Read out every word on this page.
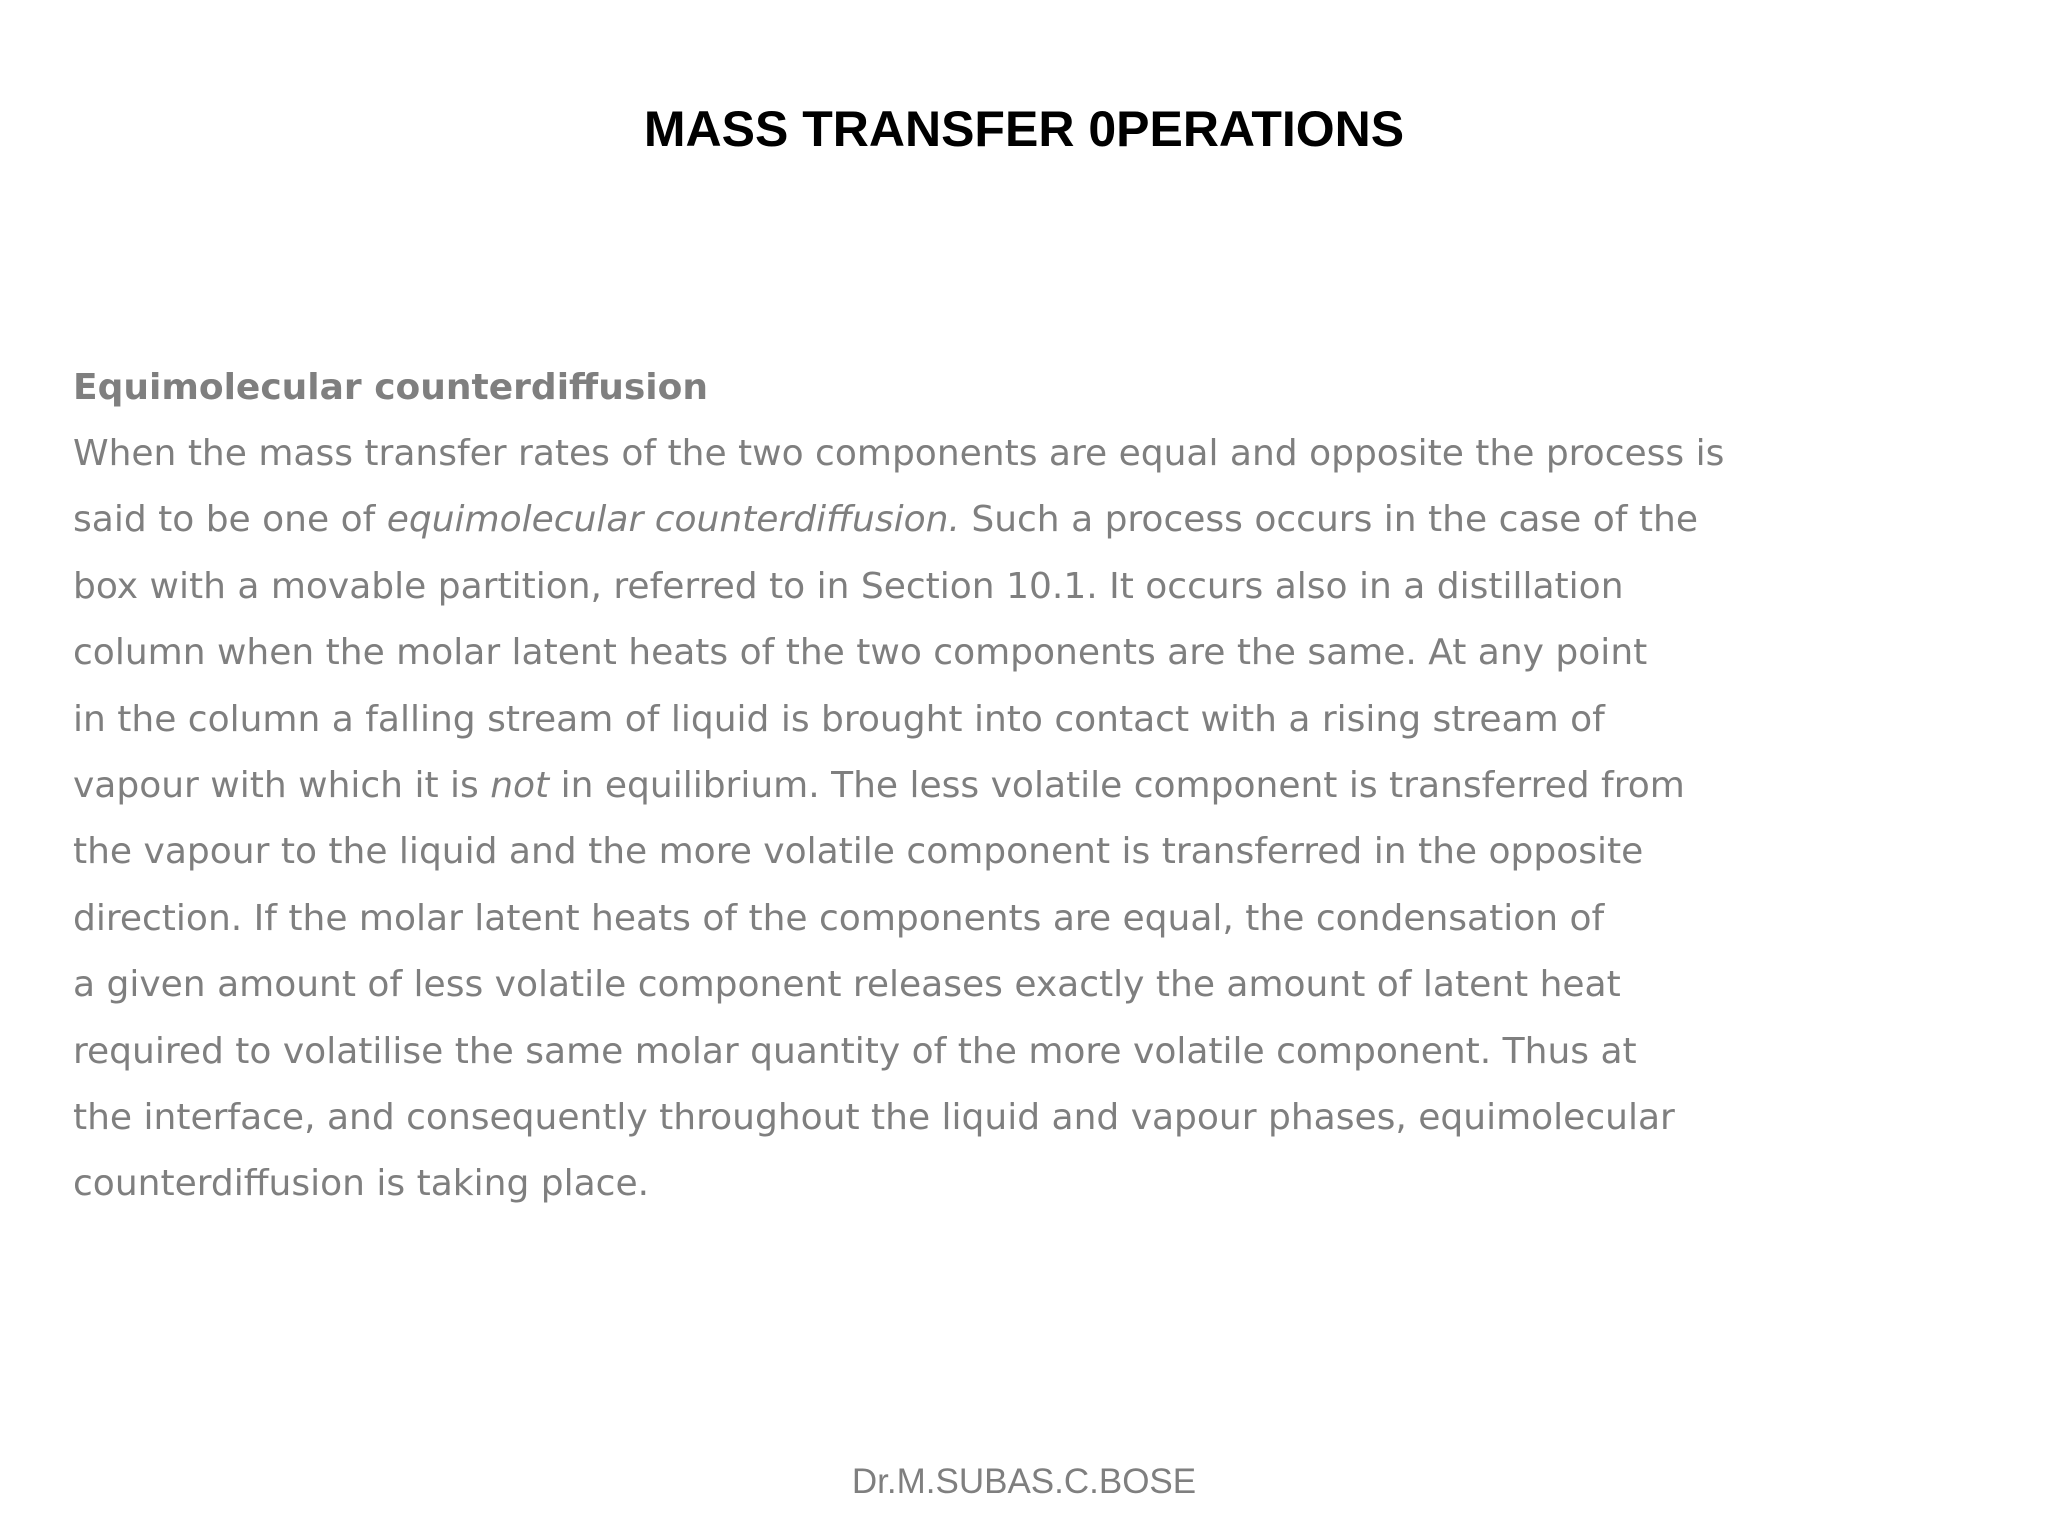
MASS TRANSFER 0PERATIONS

Equimolecular counterdiffusion

When the mass transfer rates of the two components are equal and opposite the process is

said to be one of equimolecular counterdiffusion. Such a process occurs in the case of the

box with a movable partition, referred to in Section 10.1. It occurs also in a distillation

column when the molar latent heats of the two components are the same. At any point

in the column a falling stream of liquid is brought into contact with a rising stream of

vapour with which it is not in equilibrium. The less volatile component is transferred from

the vapour to the liquid and the more volatile component is transferred in the opposite

direction. If the molar latent heats of the components are equal, the condensation of

a given amount of less volatile component releases exactly the amount of latent heat

required to volatilise the same molar quantity of the more volatile component. Thus at

the interface, and consequently throughout the liquid and vapour phases, equimolecular

counterdiffusion is taking place.

Dr.M.SUBAS.C.BOSE
